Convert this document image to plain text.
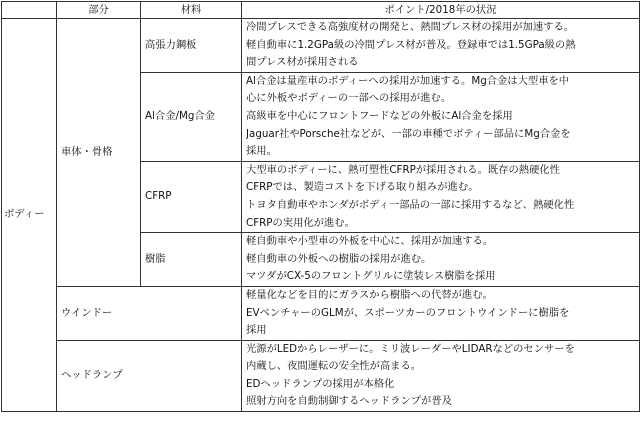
	部分	材料	ポイント/2018年の状況
ボディー	車体・骨格	高張力鋼板	冷間プレスできる高強度材の開発と、熱間プレス材の採用が加速する。
軽自動車に1.2GPa級の冷間プレス材が普及。登録車では1.5GPa級の熱
間プレス材が採用される

		Al合金/Mg合金	Al合金は量産車のボディーへの採用が加速する。Mg合金は大型車を中
心に外板やボディーの一部への採用が進む。
高級車を中心にフロントフードなどの外板にAl合金を採用
Jaguar社やPorsche社などが、一部の車種でボティー部品にMg合金を
採用。

		CFRP	大型車のボディーに、熱可塑性CFRPが採用される。既存の熱硬化性
CFRPでは、製造コストを下げる取り組みが進む。
トヨタ自動車やホンダがボディ一部品の一部に採用するなど、熱硬化性
CFRPの実用化が進む。

		樹脂	軽自動車や小型車の外板を中心に、採用が加速する。
軽自動車の外板への樹脂の採用が進む。
マツダがCX-5のフロントグリルに塗装レス樹脂を採用

	ウインドー		軽量化などを目的にガラスから樹脂への代替が進む。
EVベンチャーのGLMが、スポーツカーのフロントウインドーに樹脂を
採用

	ヘッドランプ		光源がLEDからレーザーに。ミリ波レーダーやLIDARなどのセンサーを
内蔵し、夜間運転の安全性が高まる。
EDヘッドランプの採用が本格化
照射方向を自動制御するヘッドランプが普及
